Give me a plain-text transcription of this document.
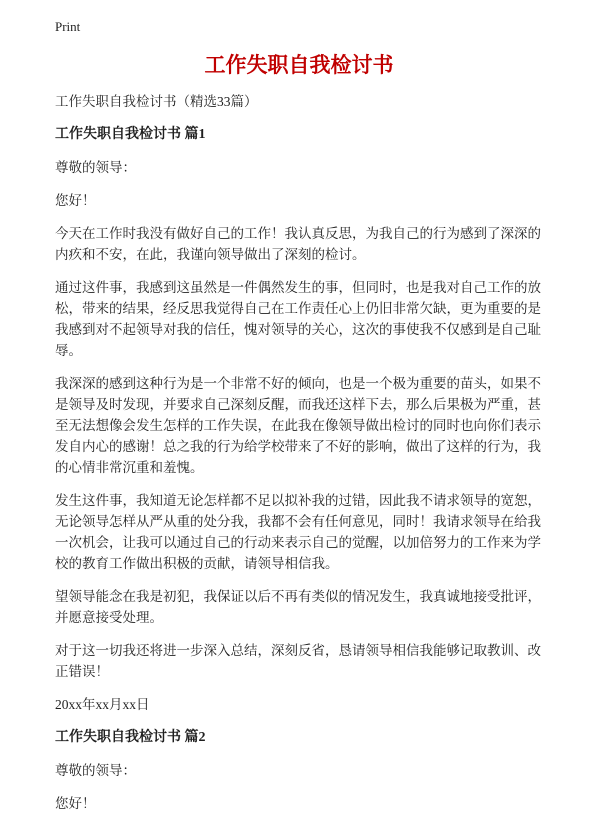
Print
工作失职自我检讨书

工作失职自我检讨书（精选33篇）

工作失职自我检讨书 篇1

尊敬的领导：

您好！

今天在工作时我没有做好自己的工作！我认真反思，为我自己的行为感到了深深的内疚和不安，在此，我谨向领导做出了深刻的检讨。

通过这件事，我感到这虽然是一件偶然发生的事，但同时，也是我对自己工作的放松，带来的结果，经反思我觉得自己在工作责任心上仍旧非常欠缺，更为重要的是我感到对不起领导对我的信任，愧对领导的关心，这次的事使我不仅感到是自己耻辱。

我深深的感到这种行为是一个非常不好的倾向，也是一个极为重要的苗头，如果不是领导及时发现，并要求自己深刻反醒，而我还这样下去，那么后果极为严重，甚至无法想像会发生怎样的工作失误，在此我在像领导做出检讨的同时也向你们表示发自内心的感谢！总之我的行为给学校带来了不好的影响，做出了这样的行为，我的心情非常沉重和羞愧。

发生这件事，我知道无论怎样都不足以拟补我的过错，因此我不请求领导的宽恕，无论领导怎样从严从重的处分我，我都不会有任何意见，同时！我请求领导在给我一次机会，让我可以通过自己的行动来表示自己的觉醒，以加倍努力的工作来为学校的教育工作做出积极的贡献，请领导相信我。

望领导能念在我是初犯，我保证以后不再有类似的情况发生，我真诚地接受批评，并愿意接受处理。

对于这一切我还将进一步深入总结，深刻反省，恳请领导相信我能够记取教训、改正错误！

20xx年xx月xx日

工作失职自我检讨书 篇2

尊敬的领导：

您好！
